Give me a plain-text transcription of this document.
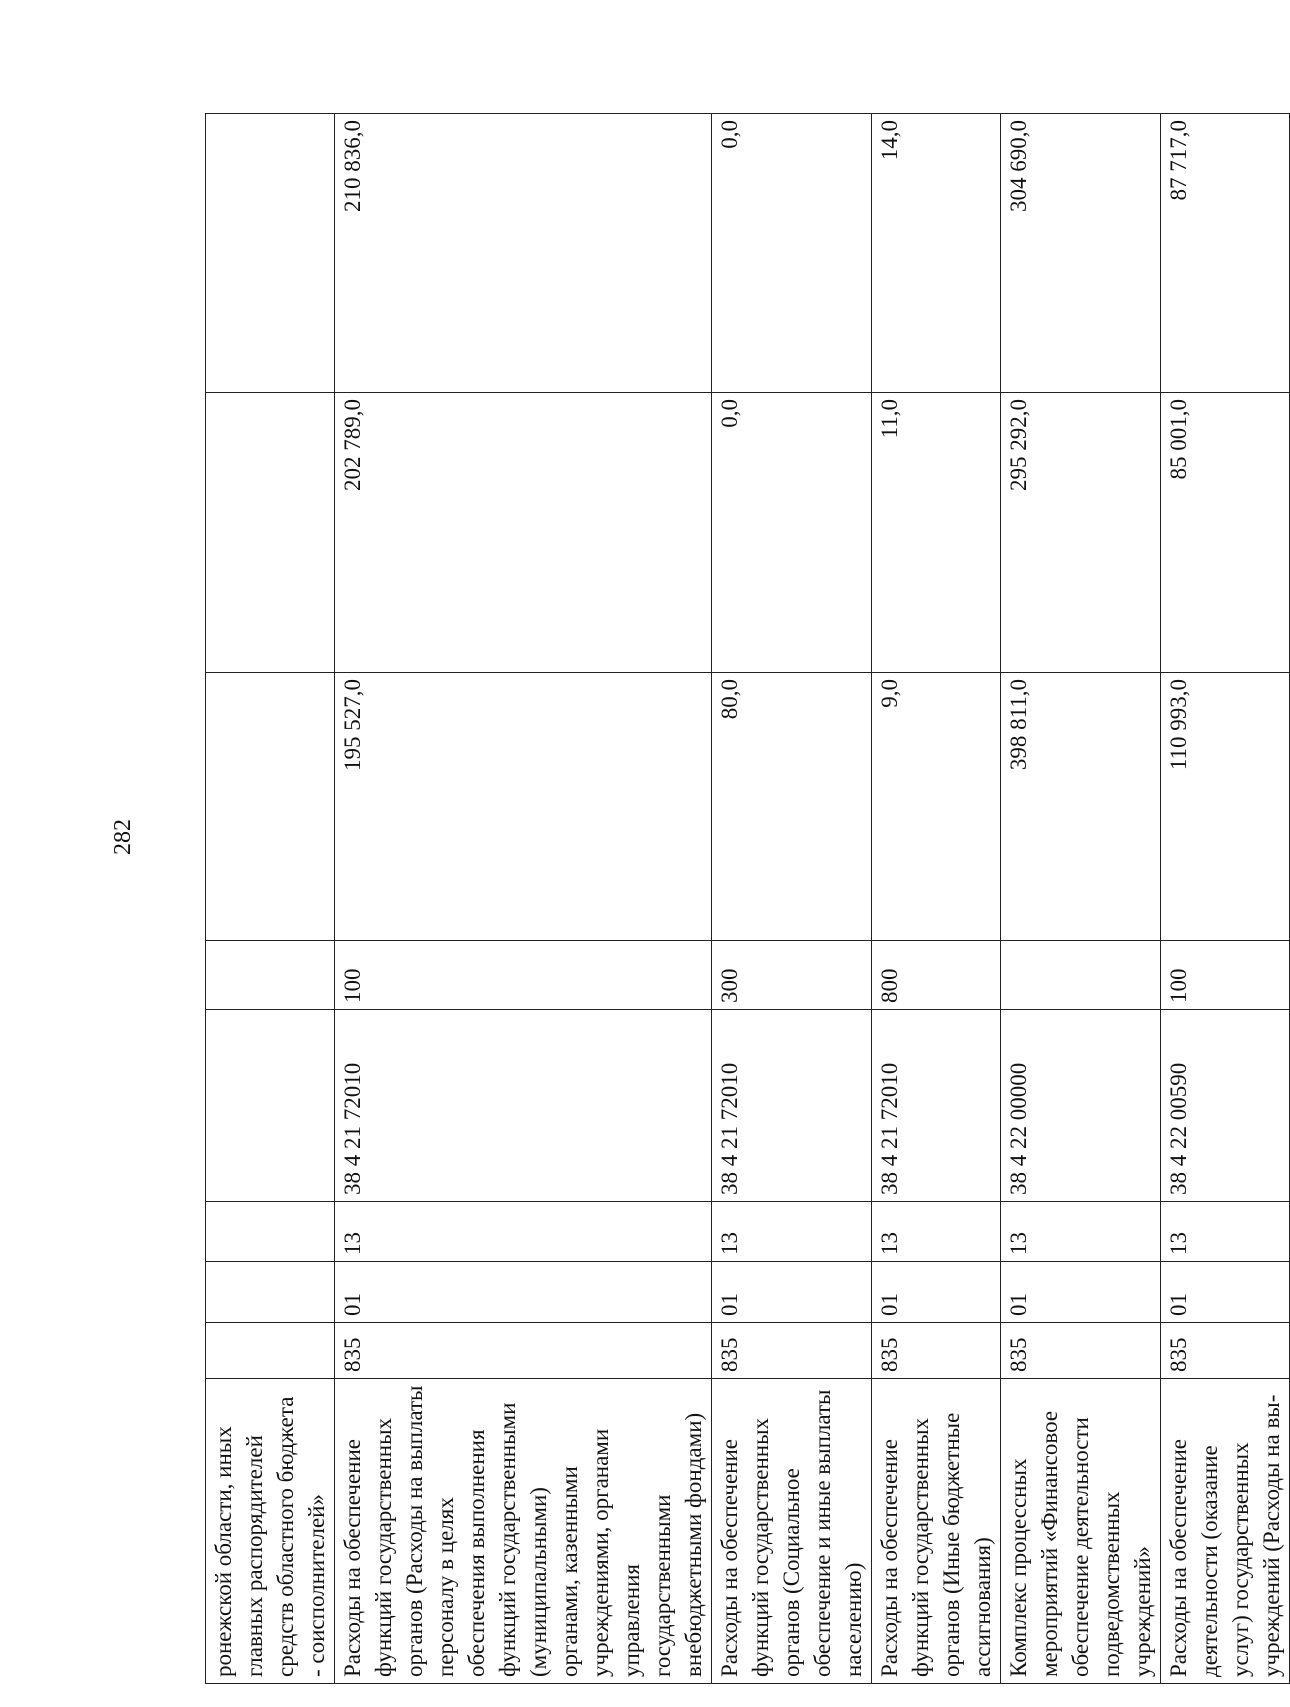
282
ронежской области, иных главных распорядителей средств областного бюджета - соисполнителей»								
Расходы на обеспечение функций государственных органов (Расходы на выплаты персоналу в целях обеспечения выполнения функций государственными (муниципальными) органами, казенными учреждениями, органами управления государственными внебюджетными фондами)	835	01	13	38 4 21 72010	100	195 527,0	202 789,0	210 836,0
Расходы на обеспечение функций государственных органов (Социальное обеспечение и иные выплаты населению)	835	01	13	38 4 21 72010	300	80,0	0,0	0,0
Расходы на обеспечение функций государственных органов (Иные бюджетные ассигнования)	835	01	13	38 4 21 72010	800	9,0	11,0	14,0
Комплекс процессных мероприятий «Финансовое обеспечение деятельности подведомственных учреждений»	835	01	13	38 4 22 00000		398 811,0	295 292,0	304 690,0
Расходы на обеспечение деятельности (оказание услуг) государственных учреждений (Расходы на вы-	835	01	13	38 4 22 00590	100	110 993,0	85 001,0	87 717,0
